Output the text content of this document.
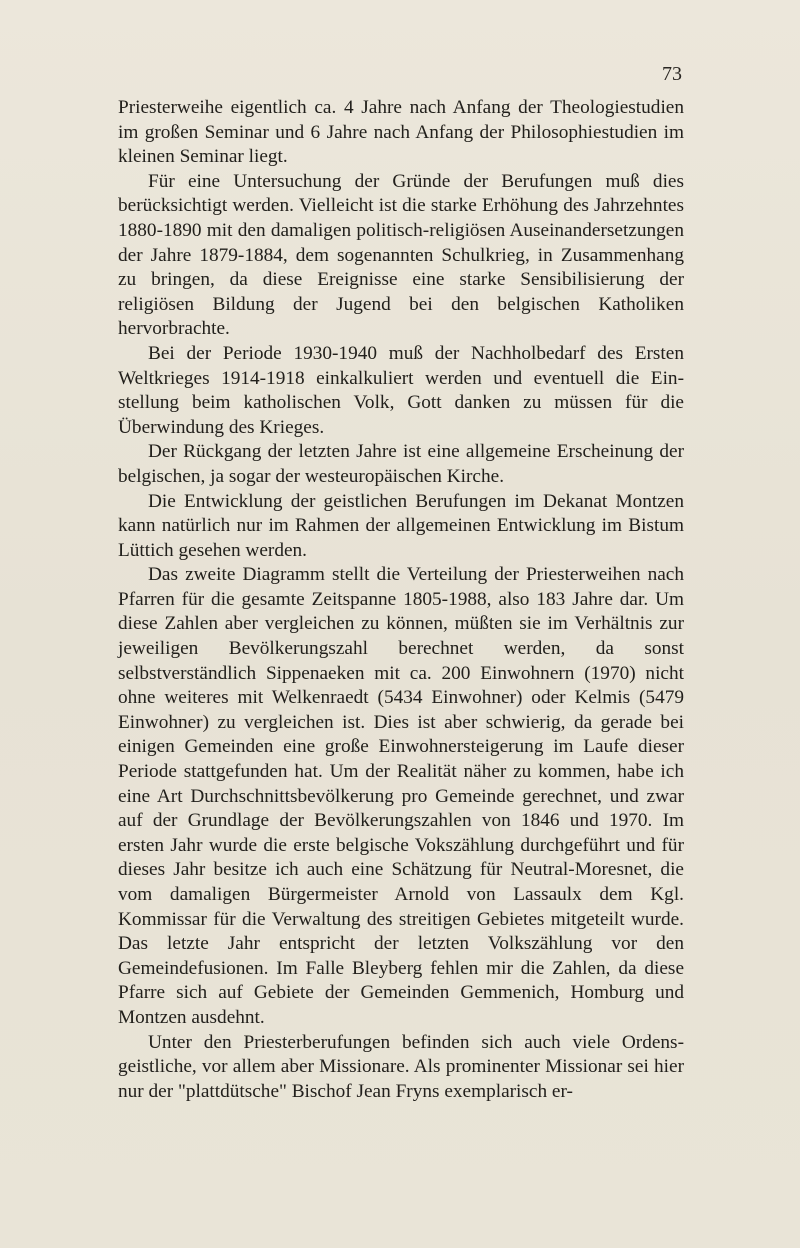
73

Priesterweihe eigentlich ca. 4 Jahre nach Anfang der Theologiestudien im großen Seminar und 6 Jahre nach Anfang der Philosophiestudien im kleinen Seminar liegt.

Für eine Untersuchung der Gründe der Berufungen muß dies berücksichtigt werden. Vielleicht ist die starke Erhöhung des Jahrzehntes 1880-1890 mit den damaligen politisch-religiösen Auseinandersetzungen der Jahre 1879-1884, dem sogenannten Schulkrieg, in Zusammenhang zu bringen, da diese Ereignisse eine starke Sensibilisierung der religiösen Bildung der Jugend bei den belgischen Katholiken hervorbrachte.

Bei der Periode 1930-1940 muß der Nachholbedarf des Ersten Weltkrieges 1914-1918 einkalkuliert werden und eventuell die Einstellung beim katholischen Volk, Gott danken zu müssen für die Überwindung des Krieges.

Der Rückgang der letzten Jahre ist eine allgemeine Erscheinung der belgischen, ja sogar der westeuropäischen Kirche.

Die Entwicklung der geistlichen Berufungen im Dekanat Montzen kann natürlich nur im Rahmen der allgemeinen Entwicklung im Bistum Lüttich gesehen werden.

Das zweite Diagramm stellt die Verteilung der Priesterweihen nach Pfarren für die gesamte Zeitspanne 1805-1988, also 183 Jahre dar. Um diese Zahlen aber vergleichen zu können, müßten sie im Verhältnis zur jeweiligen Bevölkerungszahl berechnet werden, da sonst selbstverständlich Sippenaeken mit ca. 200 Einwohnern (1970) nicht ohne weiteres mit Welkenraedt (5434 Einwohner) oder Kelmis (5479 Einwohner) zu vergleichen ist. Dies ist aber schwierig, da gerade bei einigen Gemeinden eine große Einwohnersteigerung im Laufe dieser Periode stattgefunden hat. Um der Realität näher zu kommen, habe ich eine Art Durchschnittsbevölkerung pro Gemeinde gerechnet, und zwar auf der Grundlage der Bevölkerungszahlen von 1846 und 1970. Im ersten Jahr wurde die erste belgische Vokszählung durchgeführt und für dieses Jahr besitze ich auch eine Schätzung für Neutral-Moresnet, die vom damaligen Bürgermeister Arnold von Lassaulx dem Kgl. Kommissar für die Verwaltung des streitigen Gebietes mitgeteilt wurde. Das letzte Jahr entspricht der letzten Volkszählung vor den Gemeindefusionen. Im Falle Bleyberg fehlen mir die Zahlen, da diese Pfarre sich auf Gebiete der Gemeinden Gemmenich, Homburg und Montzen ausdehnt.

Unter den Priesterberufungen befinden sich auch viele Ordensgeistliche, vor allem aber Missionare. Als prominenter Missionar sei hier nur der "plattdütsche" Bischof Jean Fryns exemplarisch er-
